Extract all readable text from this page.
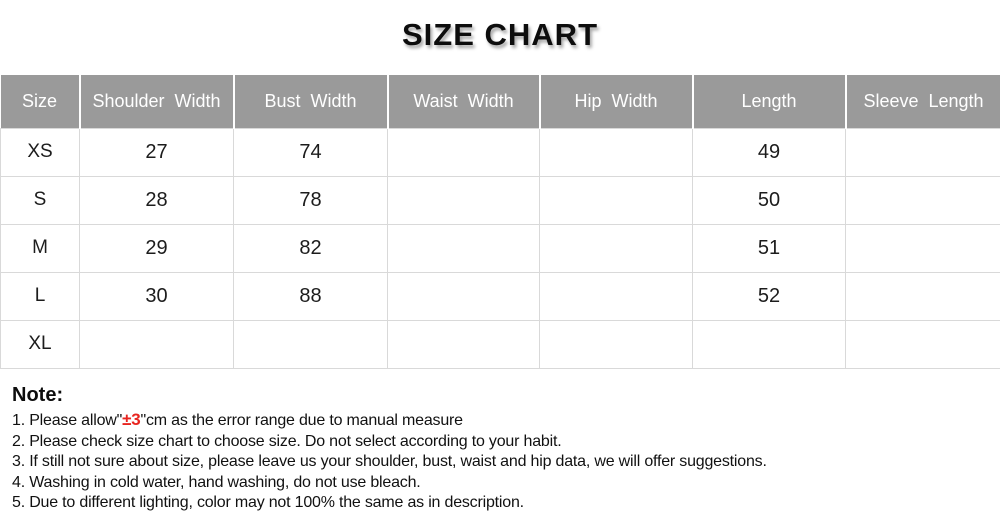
SIZE CHART
Size	Shoulder Width	Bust Width	Waist Width	Hip Width	Length	Sleeve Length
XS	27	74			49	
S	28	78			50	
M	29	82			51	
L	30	88			52	
XL						
Note:
1. Please allow"±3"cm as the error range due to manual measure
2. Please check size chart to choose size. Do not select according to your habit.
3. If still not sure about size, please leave us your shoulder, bust, waist and hip data, we will offer suggestions.
4. Washing in cold water, hand washing, do not use bleach.
5. Due to different lighting, color may not 100% the same as in description.
